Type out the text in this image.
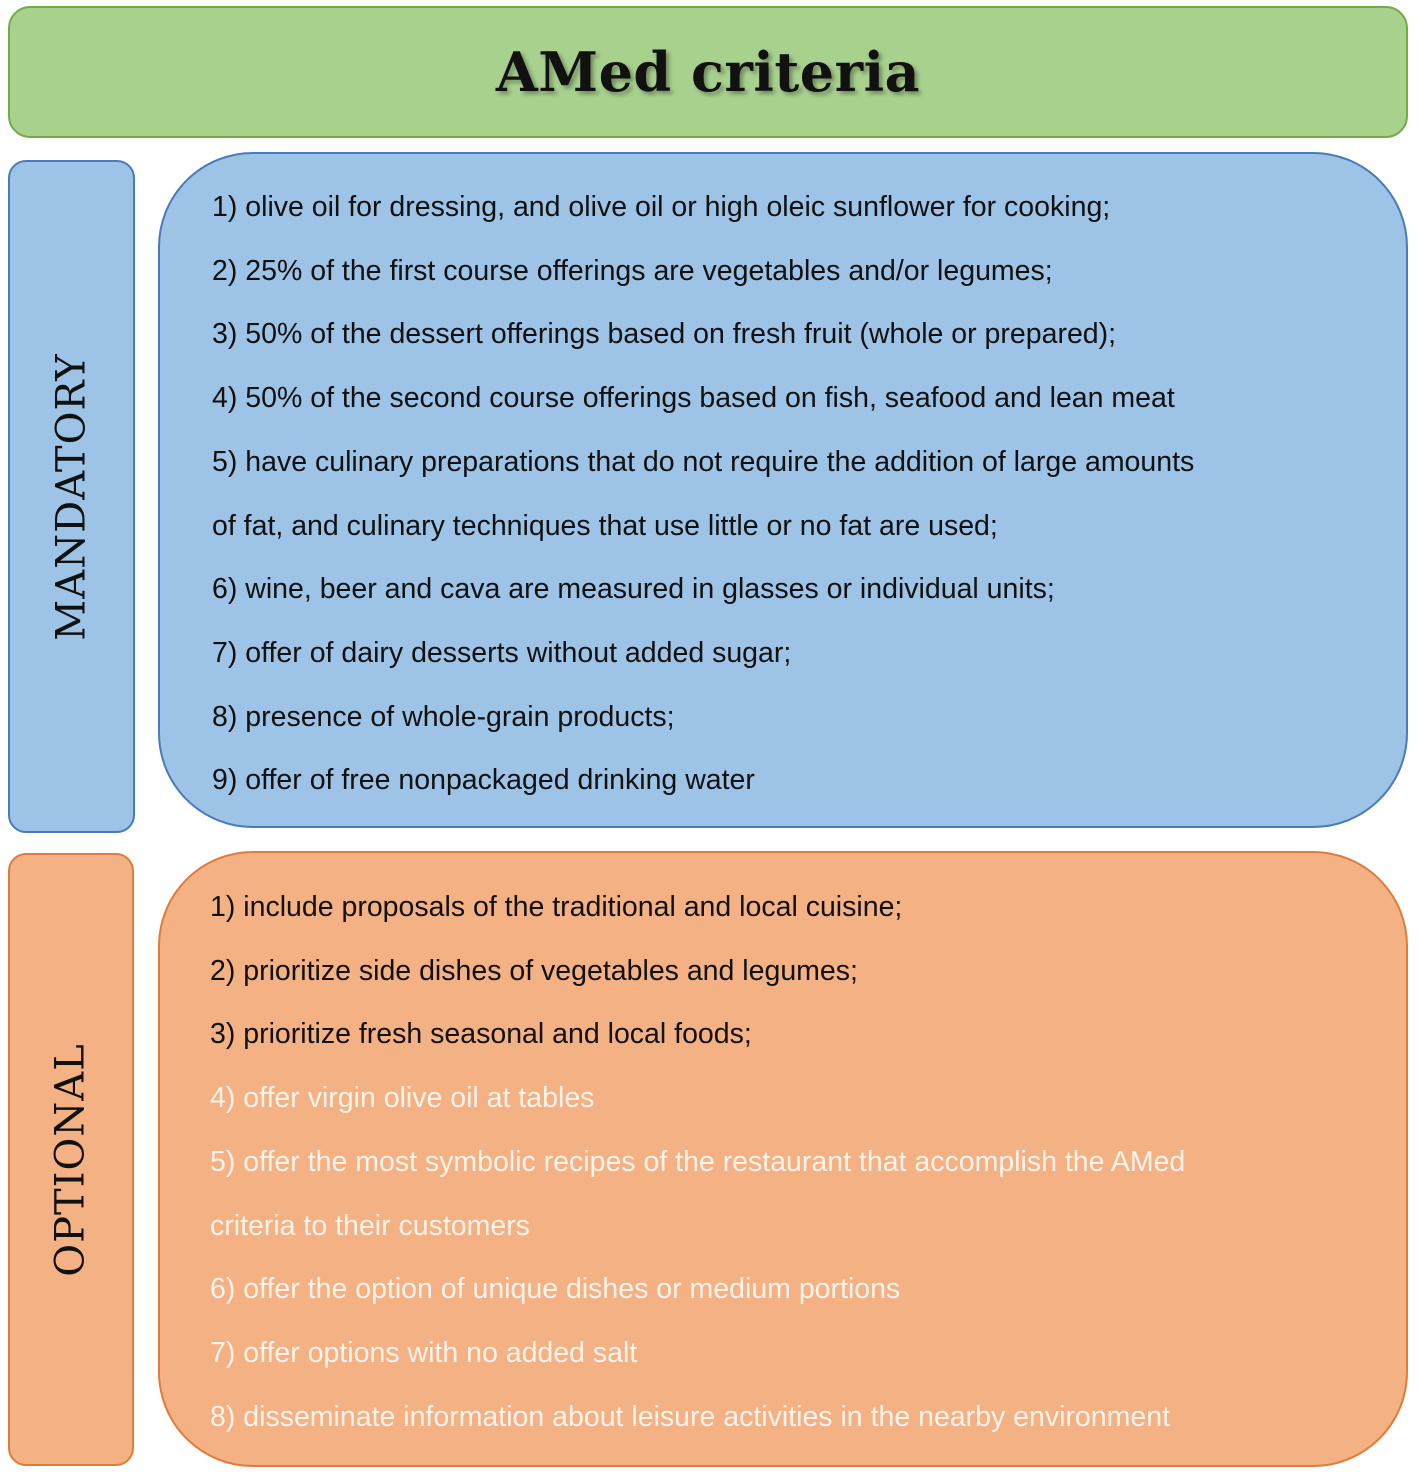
AMed criteria
MANDATORY
1) olive oil for dressing, and olive oil or high oleic sunflower for cooking;
2) 25% of the first course offerings are vegetables and/or legumes;
3) 50% of the dessert offerings based on fresh fruit (whole or prepared);
4) 50% of the second course offerings based on fish, seafood and lean meat
5) have culinary preparations that do not require the addition of large amounts
of fat, and culinary techniques that use little or no fat are used;
6) wine, beer and cava are measured in glasses or individual units;
7) offer of dairy desserts without added sugar;
8) presence of whole-grain products;
9) offer of free nonpackaged drinking water
OPTIONAL
1) include proposals of the traditional and local cuisine;
2) prioritize side dishes of vegetables and legumes;
3) prioritize fresh seasonal and local foods;
4) offer virgin olive oil at tables
5) offer the most symbolic recipes of the restaurant that accomplish the AMed
criteria to their customers
6) offer the option of unique dishes or medium portions
7) offer options with no added salt
8) disseminate information about leisure activities in the nearby environment
